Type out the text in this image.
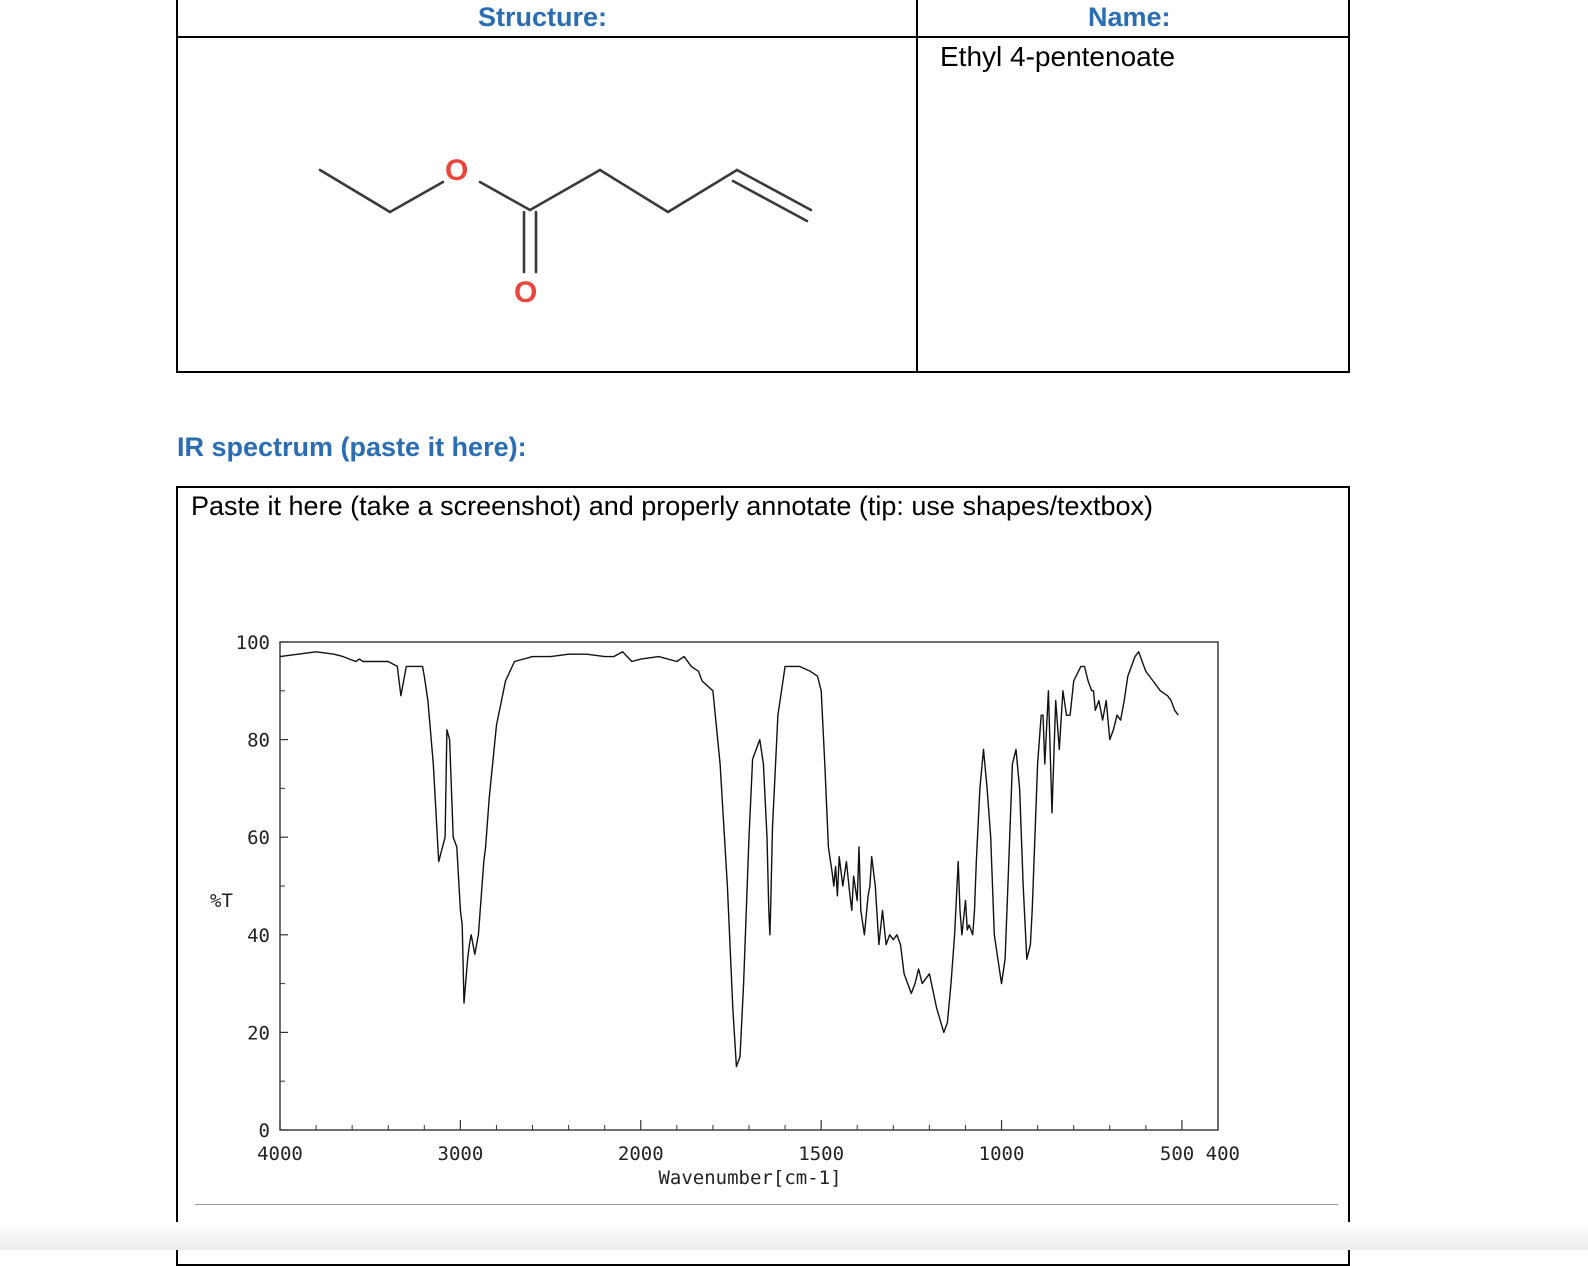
Structure:	Name:
Ethyl 4-pentenoate
O
O
IR spectrum (paste it here):
Paste it here (take a screenshot) and properly annotate (tip: use shapes/textbox)
0
20
40
60
80
100
4000	3000	2000	1500	1000	500 400
%T
Wavenumber[cm-1]
